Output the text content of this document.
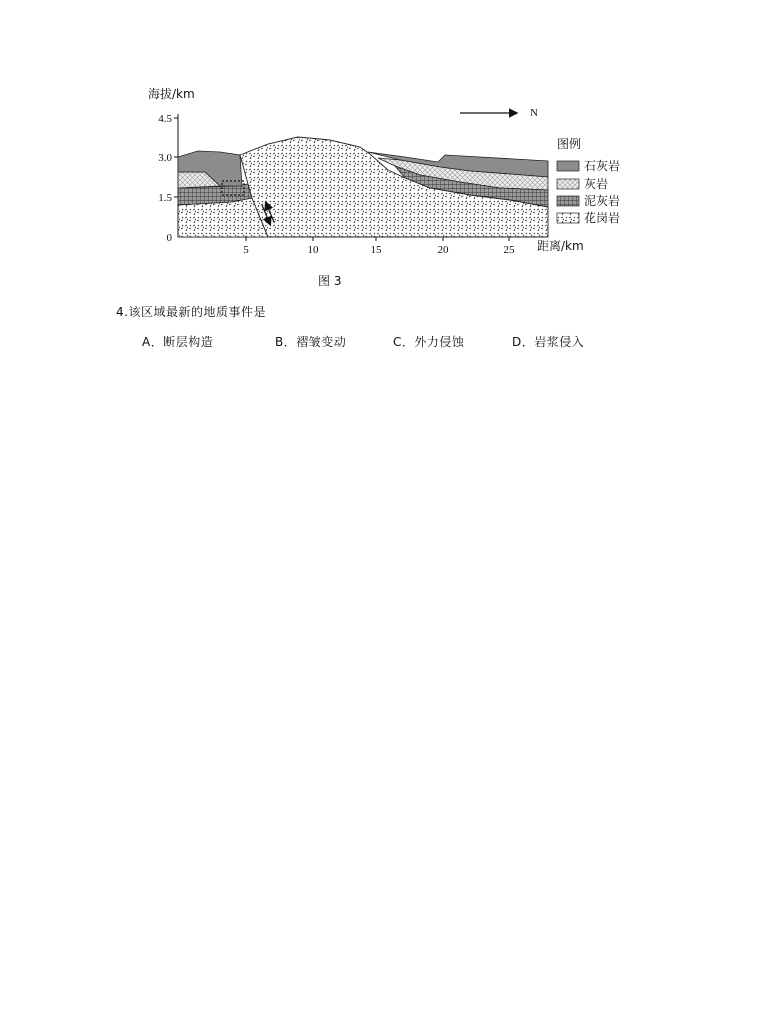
海拔/km
4.5
3.0
1.5
0
5	10	15	20	25 距离/km
N
图例
石灰岩
灰岩
泥灰岩
花岗岩
图 3
4.该区域最新的地质事件是
A．断层构造	B．褶皱变动	C．外力侵蚀	D．岩浆侵入
